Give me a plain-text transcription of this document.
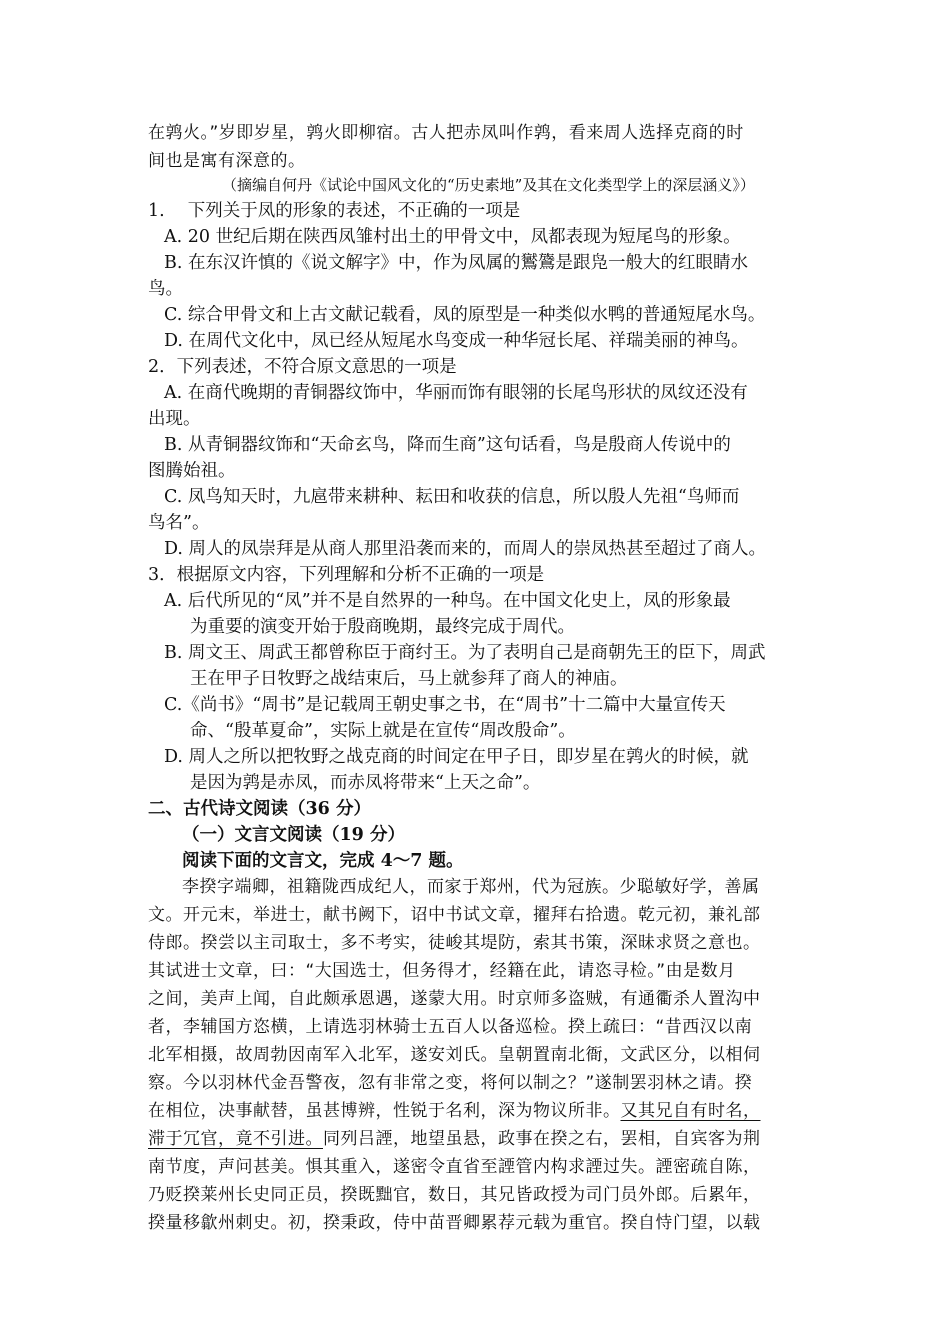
在鹑火。”岁即岁星，鹑火即柳宿。古人把赤凤叫作鹑，看来周人选择克商的时
间也是寓有深意的。
（摘编自何丹《试论中国风文化的“历史素地”及其在文化类型学上的深层涵义》）
1.　 下列关于凤的形象的表述，不正确的一项是
A. 20 世纪后期在陕西凤雏村出土的甲骨文中，凤都表现为短尾鸟的形象。
B. 在东汉许慎的《说文解字》中，作为凤属的鸑鷟是跟凫一般大的红眼睛水
鸟。
C. 综合甲骨文和上古文献记载看，凤的原型是一种类似水鸭的普通短尾水鸟。
D. 在周代文化中，凤已经从短尾水鸟变成一种华冠长尾、祥瑞美丽的神鸟。
2．下列表述，不符合原文意思的一项是
A. 在商代晚期的青铜器纹饰中，华丽而饰有眼翎的长尾鸟形状的凤纹还没有
出现。
B. 从青铜器纹饰和“天命玄鸟，降而生商”这句话看，鸟是殷商人传说中的
图腾始祖。
C. 凤鸟知天时，九扈带来耕种、耘田和收获的信息，所以殷人先祖“鸟师而
鸟名”。
D. 周人的凤崇拜是从商人那里沿袭而来的，而周人的崇凤热甚至超过了商人。
3．根据原文内容，下列理解和分析不正确的一项是
A. 后代所见的“凤”并不是自然界的一种鸟。在中国文化史上，凤的形象最
为重要的演变开始于殷商晚期，最终完成于周代。
B. 周文王、周武王都曾称臣于商纣王。为了表明自己是商朝先王的臣下，周武
王在甲子日牧野之战结束后，马上就参拜了商人的神庙。
C.《尚书》“周书”是记载周王朝史事之书，在“周书”十二篇中大量宣传天
命、“殷革夏命”，实际上就是在宣传“周改殷命”。
D. 周人之所以把牧野之战克商的时间定在甲子日，即岁星在鹑火的时候，就
是因为鹑是赤凤，而赤凤将带来“上天之命”。
二、古代诗文阅读（36 分）
（一）文言文阅读（19 分）
阅读下面的文言文，完成 4～7 题。
李揆字端卿，祖籍陇西成纪人，而家于郑州，代为冠族。少聪敏好学，善属
文。开元末，举进士，献书阙下，诏中书试文章，擢拜右拾遗。乾元初，兼礼部
侍郎。揆尝以主司取士，多不考实，徒峻其堤防，索其书策，深昧求贤之意也。
其试进士文章，曰：“大国选士，但务得才，经籍在此，请恣寻检。”由是数月
之间，美声上闻，自此颇承恩遇，遂蒙大用。时京师多盗贼，有通衢杀人置沟中
者，李辅国方恣横，上请选羽林骑士五百人以备巡检。揆上疏曰：“昔西汉以南
北军相摄，故周勃因南军入北军，遂安刘氏。皇朝置南北衙，文武区分，以相伺
察。今以羽林代金吾警夜，忽有非常之变，将何以制之？”遂制罢羽林之请。揆
在相位，决事献替，虽甚博辨，性锐于名利，深为物议所非。又其兄自有时名，
滞于冗官，竟不引进。同列吕諲，地望虽悬，政事在揆之右，罢相，自宾客为荆
南节度，声问甚美。惧其重入，遂密令直省至諲管内构求諲过失。諲密疏自陈，
乃贬揆莱州长史同正员，揆既黜官，数日，其兄皆政授为司门员外郎。后累年，
揆量移歙州刺史。初，揆秉政，侍中苗晋卿累荐元载为重官。揆自恃门望，以载
